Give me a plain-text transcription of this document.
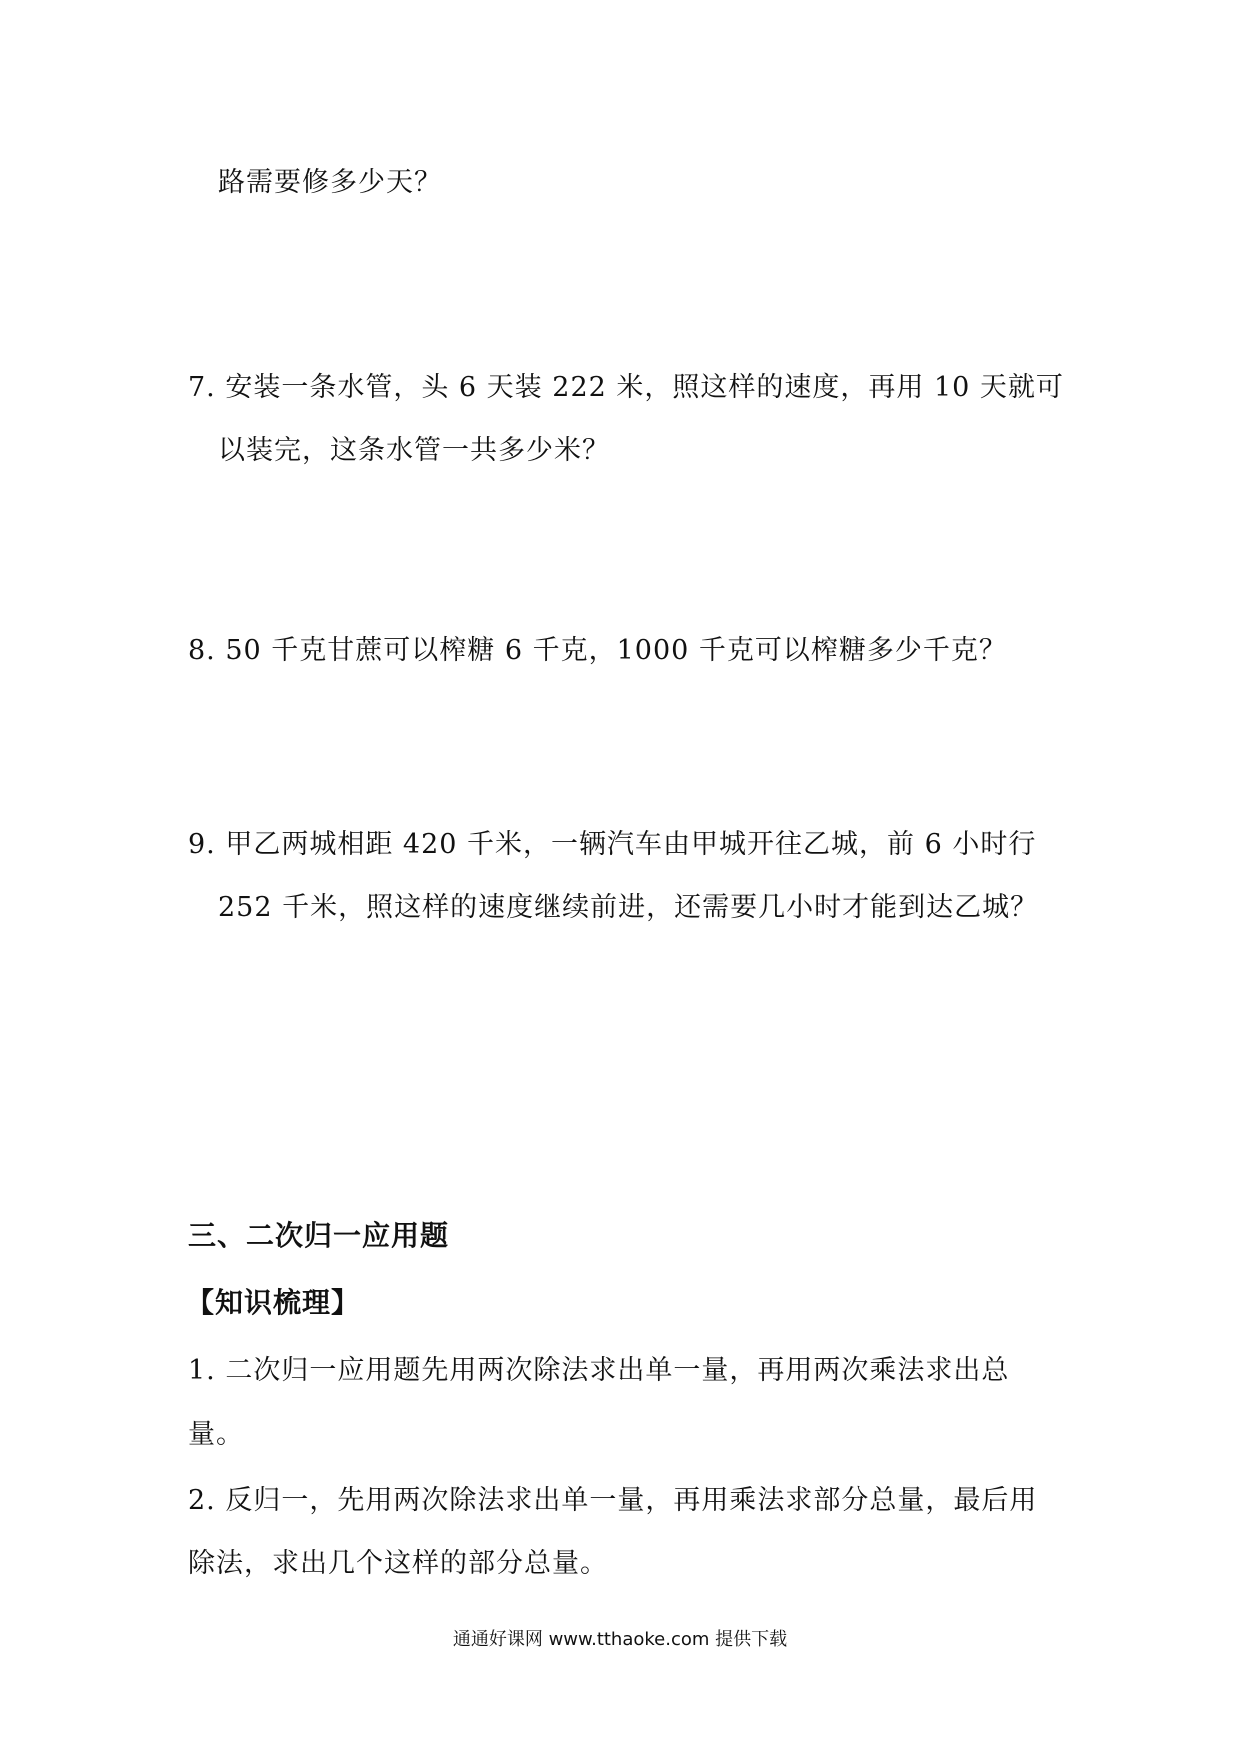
路需要修多少天？
7. 安装一条水管，头 6 天装 222 米，照这样的速度，再用 10 天就可
以装完，这条水管一共多少米？
8. 50 千克甘蔗可以榨糖 6 千克，1000 千克可以榨糖多少千克？
9. 甲乙两城相距 420 千米，一辆汽车由甲城开往乙城，前 6 小时行
252 千米，照这样的速度继续前进，还需要几小时才能到达乙城？
三、二次归一应用题
【知识梳理】
1. 二次归一应用题先用两次除法求出单一量，再用两次乘法求出总
量。
2. 反归一，先用两次除法求出单一量，再用乘法求部分总量，最后用
除法，求出几个这样的部分总量。
通通好课网 www.tthaoke.com 提供下载
